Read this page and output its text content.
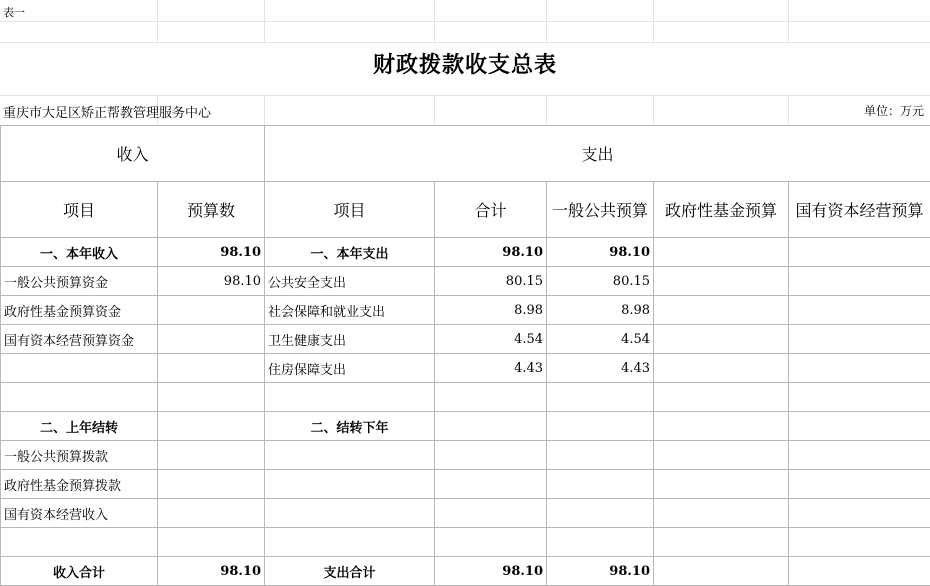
表一
财政拨款收支总表
重庆市大足区矫正帮教管理服务中心	单位：万元
收入		支出				
项目	预算数	项目	合计	一般公共预算	政府性基金预算	国有资本经营预算
一、本年收入	98.10	一、本年支出	98.10	98.10		
一般公共预算资金	98.10	公共安全支出	80.15	80.15		
政府性基金预算资金		社会保障和就业支出	8.98	8.98		
国有资本经营预算资金		卫生健康支出	4.54	4.54		
		住房保障支出	4.43	4.43		

二、上年结转		二、结转下年				
一般公共预算拨款						
政府性基金预算拨款						
国有资本经营收入						

收入合计	98.10	支出合计	98.10	98.10		
